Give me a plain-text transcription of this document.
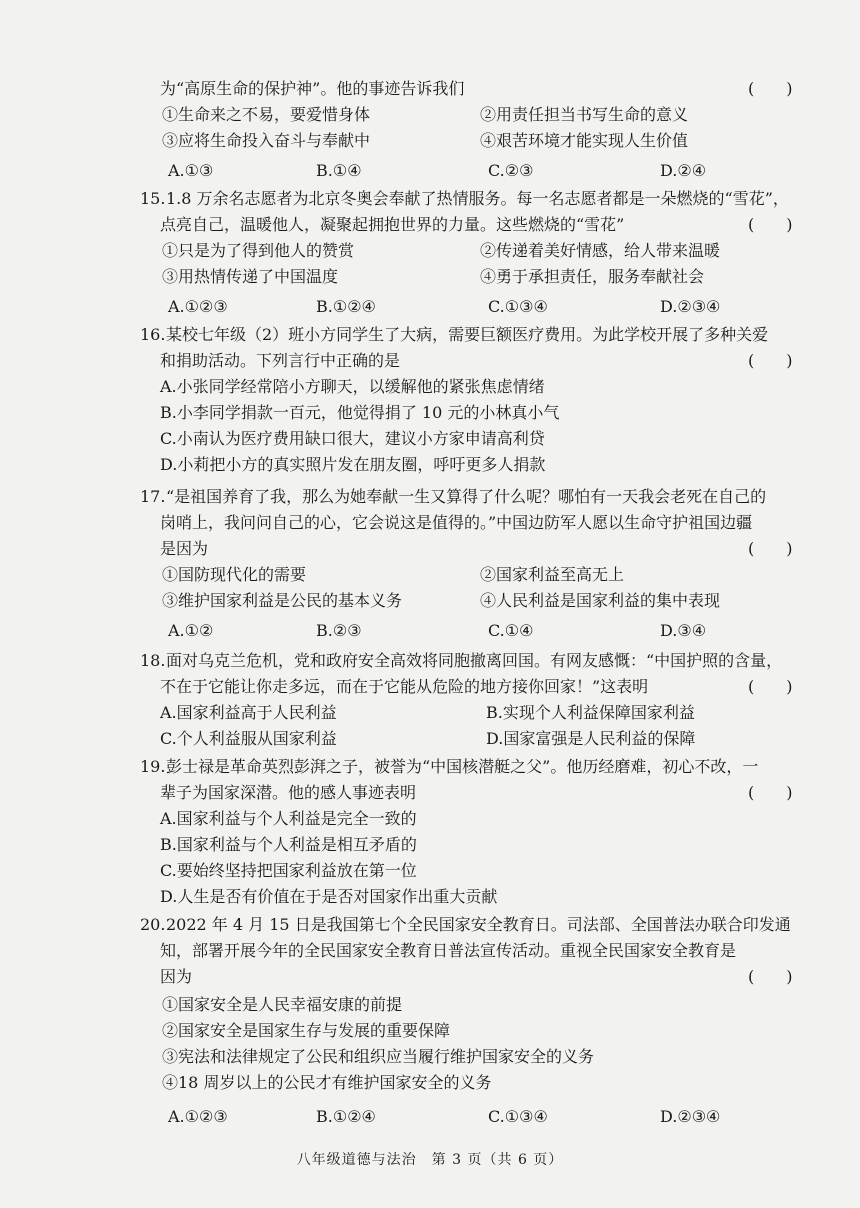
为“高原生命的保护神”。他的事迹告诉我们	(　　)
①生命来之不易，要爱惜身体	②用责任担当书写生命的意义
③应将生命投入奋斗与奉献中	④艰苦环境才能实现人生价值
A.①③	B.①④	C.②③	D.②④
15. 1.8 万余名志愿者为北京冬奥会奉献了热情服务。每一名志愿者都是一朵燃烧的“雪花”，
点亮自己，温暖他人，凝聚起拥抱世界的力量。这些燃烧的“雪花”	(　　)
①只是为了得到他人的赞赏	②传递着美好情感，给人带来温暖
③用热情传递了中国温度	④勇于承担责任，服务奉献社会
A.①②③	B.①②④	C.①③④	D.②③④
16. 某校七年级（2）班小方同学生了大病，需要巨额医疗费用。为此学校开展了多种关爱
和捐助活动。下列言行中正确的是	(　　)
A.小张同学经常陪小方聊天，以缓解他的紧张焦虑情绪
B.小李同学捐款一百元，他觉得捐了 10 元的小林真小气
C.小南认为医疗费用缺口很大，建议小方家申请高利贷
D.小莉把小方的真实照片发在朋友圈，呼吁更多人捐款
17. “是祖国养育了我，那么为她奉献一生又算得了什么呢？哪怕有一天我会老死在自己的
岗哨上，我问问自己的心，它会说这是值得的。”中国边防军人愿以生命守护祖国边疆
是因为	(　　)
①国防现代化的需要	②国家利益至高无上
③维护国家利益是公民的基本义务	④人民利益是国家利益的集中表现
A.①②	B.②③	C.①④	D.③④
18. 面对乌克兰危机，党和政府安全高效将同胞撤离回国。有网友感慨：“中国护照的含量，
不在于它能让你走多远，而在于它能从危险的地方接你回家！”这表明	(　　)
A.国家利益高于人民利益	B.实现个人利益保障国家利益
C.个人利益服从国家利益	D.国家富强是人民利益的保障
19. 彭士禄是革命英烈彭湃之子，被誉为“中国核潜艇之父”。他历经磨难，初心不改，一
辈子为国家深潜。他的感人事迹表明	(　　)
A.国家利益与个人利益是完全一致的
B.国家利益与个人利益是相互矛盾的
C.要始终坚持把国家利益放在第一位
D.人生是否有价值在于是否对国家作出重大贡献
20. 2022 年 4 月 15 日是我国第七个全民国家安全教育日。司法部、全国普法办联合印发通
知，部署开展今年的全民国家安全教育日普法宣传活动。重视全民国家安全教育是
因为	(　　)
①国家安全是人民幸福安康的前提
②国家安全是国家生存与发展的重要保障
③宪法和法律规定了公民和组织应当履行维护国家安全的义务
④18 周岁以上的公民才有维护国家安全的义务
A.①②③	B.①②④	C.①③④	D.②③④
八年级道德与法治　第 3 页（共 6 页）
